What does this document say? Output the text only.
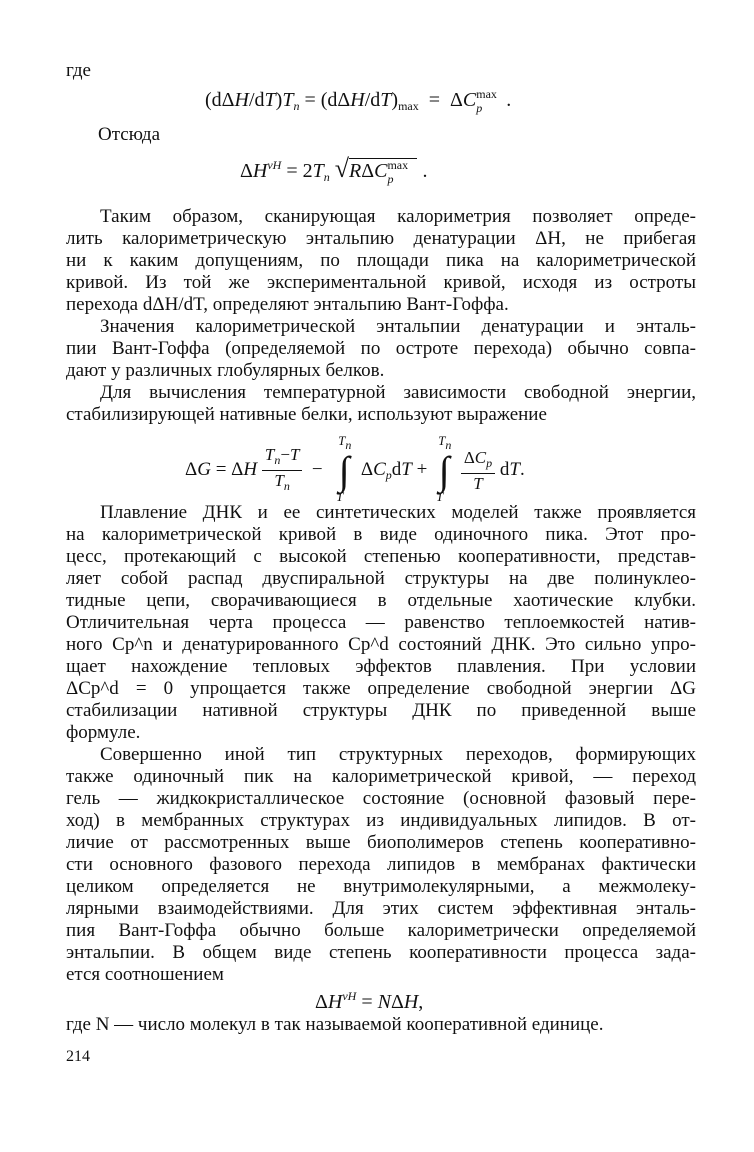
где
$(d\Delta H/dT)T_n = (d\Delta H/dT)_{max} = \Delta C$ max
p .
Отсюда
$\Delta H^{vH} = 2T_n$ √RΔC max
p .
Таким образом, сканирующая калориметрия позволяет опреде-
лить калориметрическую энтальпию денатурации ΔH, не прибегая
ни к каким допущениям, по площади пика на калориметрической
кривой. Из той же экспериментальной кривой, исходя из остроты
перехода dΔH/dT, определяют энтальпию Вант-Гоффа.
Значения калориметрической энтальпии денатурации и энталь-
пии Вант-Гоффа (определяемой по остроте перехода) обычно совпа-
дают у различных глобулярных белков.
Для вычисления температурной зависимости свободной энергии,
стабилизирующей нативные белки, используют выражение
ΔG = ΔH $\frac{T_n-T}{T_n}$ −
Tn
∫
T
$\Delta C_pdT$ +
Tn
∫
T

$\frac{\Delta C_p}{T}$ dT.
Плавление ДНК и ее синтетических моделей также проявляется
на калориметрической кривой в виде одиночного пика. Этот про-
цесс, протекающий с высокой степенью кооперативности, представ-
ляет собой распад двуспиральной структуры на две полинуклео-
тидные цепи, сворачивающиеся в отдельные хаотические клубки.
Отличительная черта процесса — равенство теплоемкостей натив-
ного Cp^n и денатурированного Cp^d состояний ДНК. Это сильно упро-
щает нахождение тепловых эффектов плавления. При условии
ΔCp^d = 0 упрощается также определение свободной энергии ΔG
стабилизации нативной структуры ДНК по приведенной выше
формуле.
Совершенно иной тип структурных переходов, формирующих
также одиночный пик на калориметрической кривой, — переход
гель — жидкокристаллическое состояние (основной фазовый пере-
ход) в мембранных структурах из индивидуальных липидов. В от-
личие от рассмотренных выше биополимеров степень кооперативно-
сти основного фазового перехода липидов в мембранах фактически
целиком определяется не внутримолекулярными, а межмолеку-
лярными взаимодействиями. Для этих систем эффективная энталь-
пия Вант-Гоффа обычно больше калориметрически определяемой
энтальпии. В общем виде степень кооперативности процесса зада-
ется соотношением
$\Delta H^{vH} = N\Delta H$,
где N — число молекул в так называемой кооперативной единице.
214
